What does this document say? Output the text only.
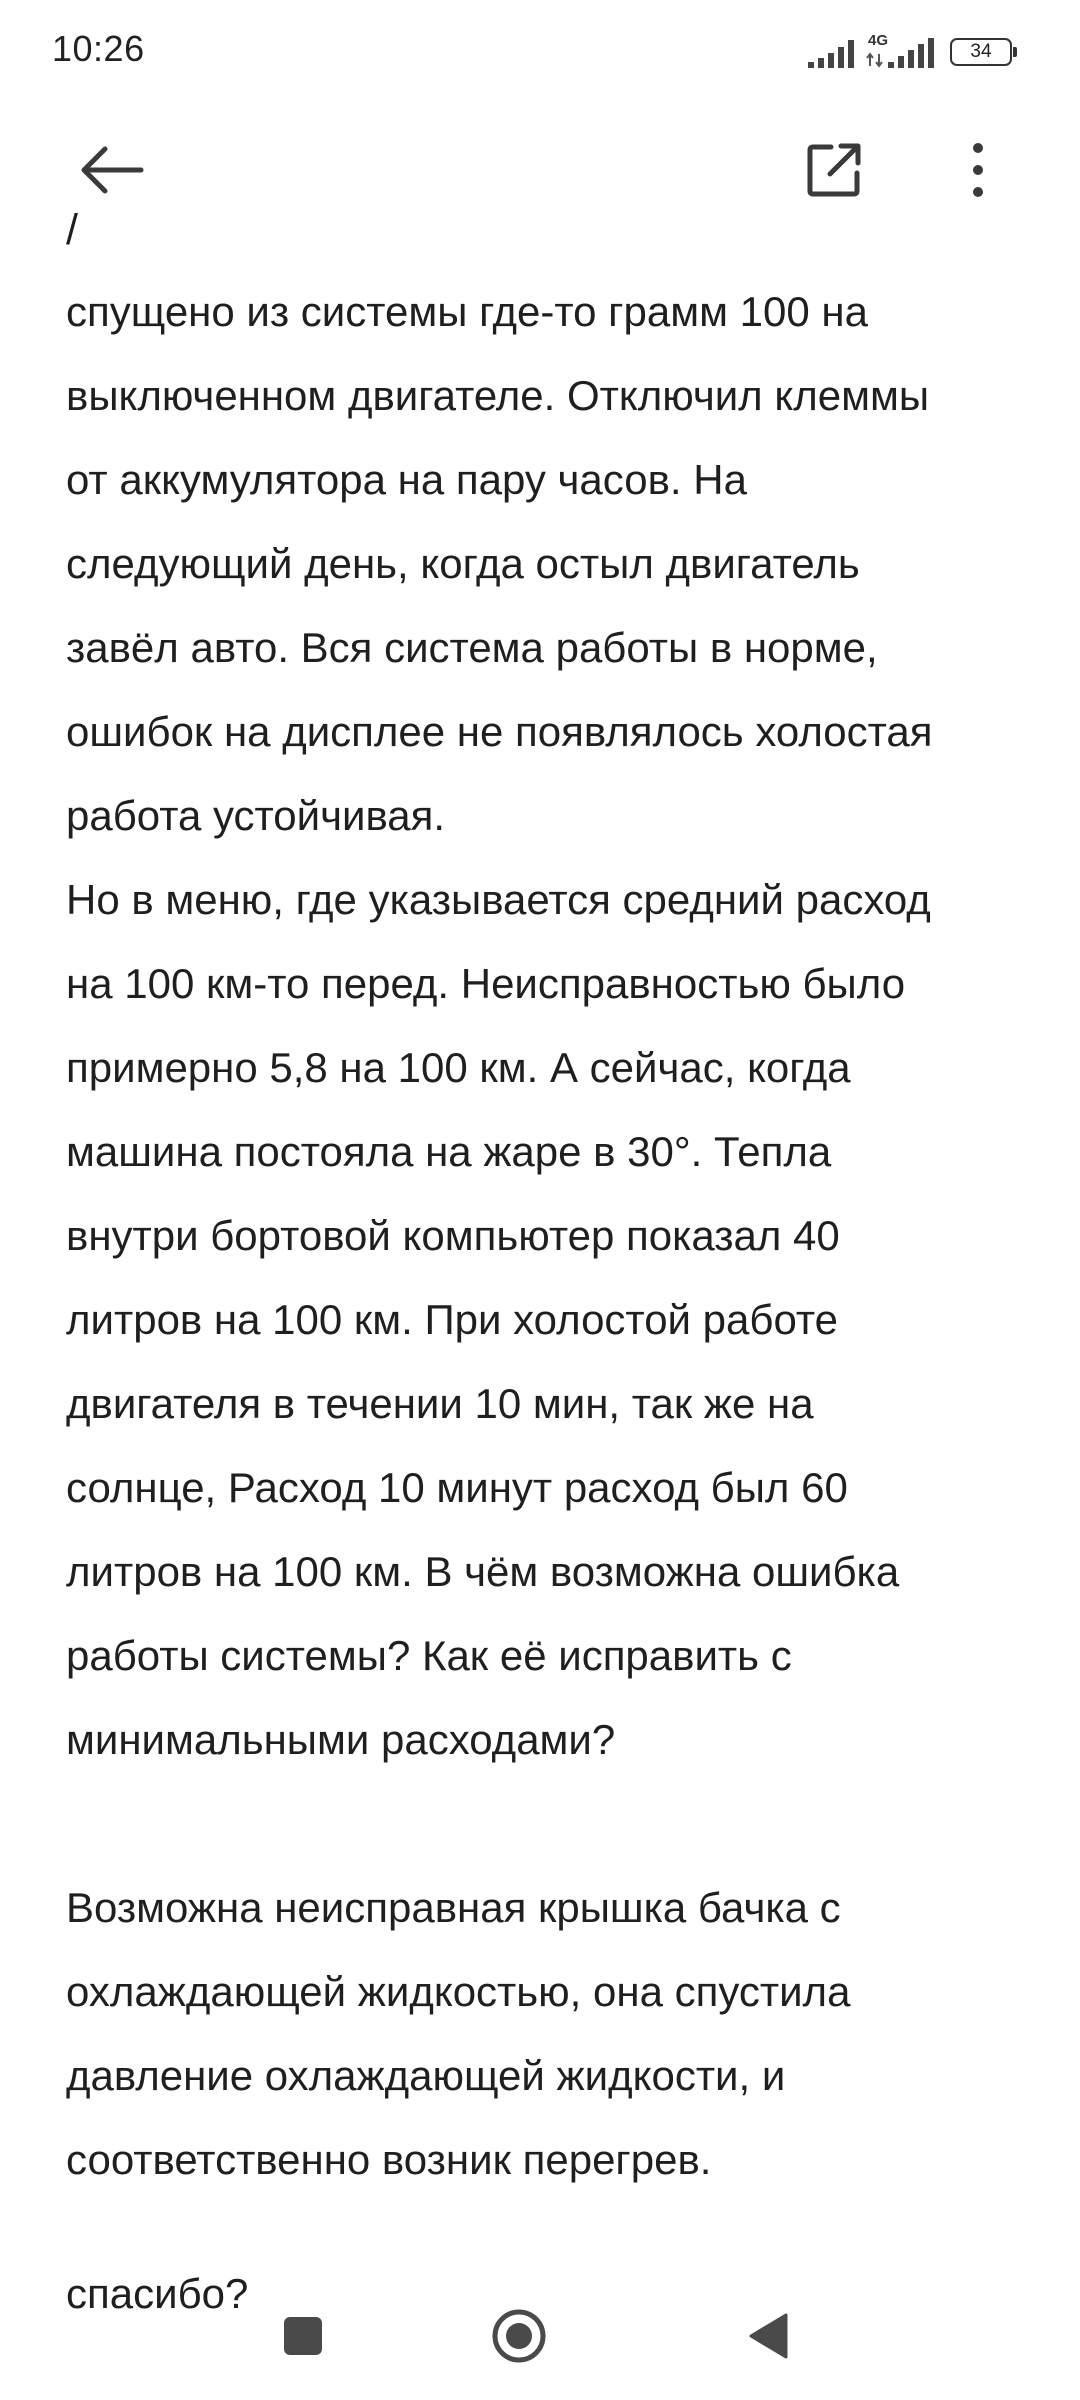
10:26	4G
34
/
спущено из системы где-то грамм 100 на
выключенном двигателе. Отключил клеммы
от аккумулятора на пару часов. На
следующий день, когда остыл двигатель
завёл авто. Вся система работы в норме,
ошибок на дисплее не появлялось холостая
работа устойчивая.
Но в меню, где указывается средний расход
на 100 км-то перед. Неисправностью было
примерно 5,8 на 100 км. А сейчас, когда
машина постояла на жаре в 30°. Тепла
внутри бортовой компьютер показал 40
литров на 100 км. При холостой работе
двигателя в течении 10 мин, так же на
солнце, Расход 10 минут расход был 60
литров на 100 км. В чём возможна ошибка
работы системы? Как её исправить с
минимальными расходами?
Возможна неисправная крышка бачка с
охлаждающей жидкостью, она спустила
давление охлаждающей жидкости, и
соответственно возник перегрев.
спасибо?
